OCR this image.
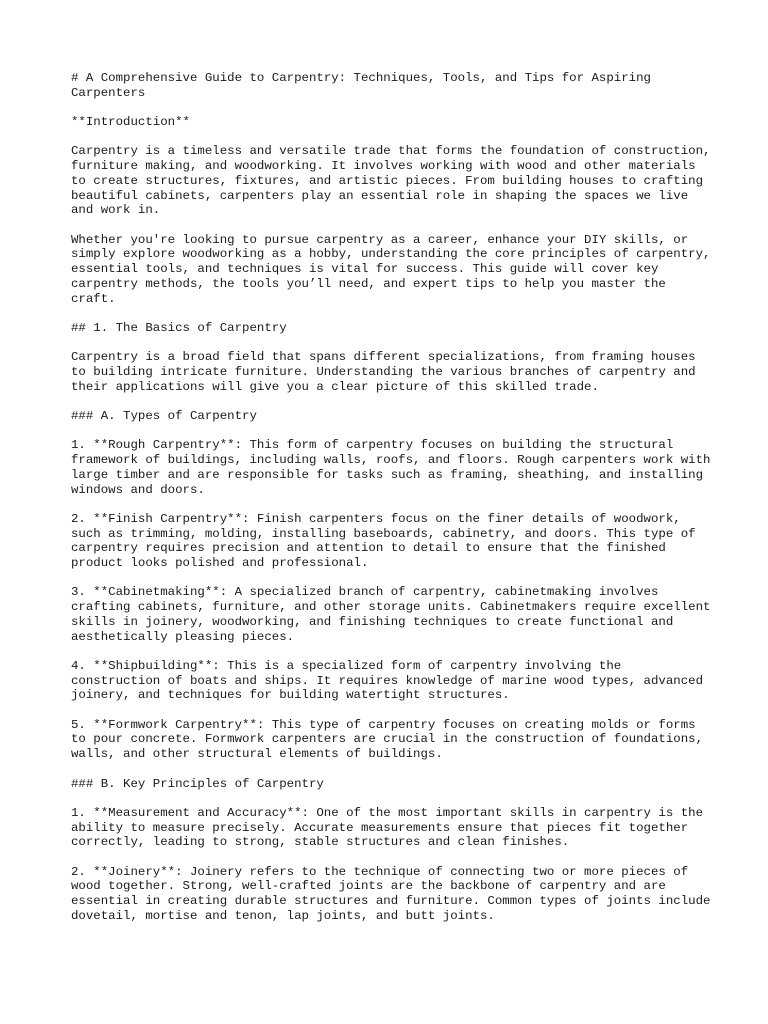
# A Comprehensive Guide to Carpentry: Techniques, Tools, and Tips for Aspiring Carpenters

**Introduction**

Carpentry is a timeless and versatile trade that forms the foundation of construction, furniture making, and woodworking. It involves working with wood and other materials to create structures, fixtures, and artistic pieces. From building houses to crafting beautiful cabinets, carpenters play an essential role in shaping the spaces we live and work in.

Whether you're looking to pursue carpentry as a career, enhance your DIY skills, or simply explore woodworking as a hobby, understanding the core principles of carpentry, essential tools, and techniques is vital for success. This guide will cover key carpentry methods, the tools you’ll need, and expert tips to help you master the craft.

## 1. The Basics of Carpentry

Carpentry is a broad field that spans different specializations, from framing houses to building intricate furniture. Understanding the various branches of carpentry and their applications will give you a clear picture of this skilled trade.

### A. Types of Carpentry

1. **Rough Carpentry**: This form of carpentry focuses on building the structural framework of buildings, including walls, roofs, and floors. Rough carpenters work with large timber and are responsible for tasks such as framing, sheathing, and installing windows and doors.

2. **Finish Carpentry**: Finish carpenters focus on the finer details of woodwork, such as trimming, molding, installing baseboards, cabinetry, and doors. This type of carpentry requires precision and attention to detail to ensure that the finished product looks polished and professional.

3. **Cabinetmaking**: A specialized branch of carpentry, cabinetmaking involves crafting cabinets, furniture, and other storage units. Cabinetmakers require excellent skills in joinery, woodworking, and finishing techniques to create functional and aesthetically pleasing pieces.

4. **Shipbuilding**: This is a specialized form of carpentry involving the construction of boats and ships. It requires knowledge of marine wood types, advanced joinery, and techniques for building watertight structures.

5. **Formwork Carpentry**: This type of carpentry focuses on creating molds or forms to pour concrete. Formwork carpenters are crucial in the construction of foundations, walls, and other structural elements of buildings.

### B. Key Principles of Carpentry

1. **Measurement and Accuracy**: One of the most important skills in carpentry is the ability to measure precisely. Accurate measurements ensure that pieces fit together correctly, leading to strong, stable structures and clean finishes.

2. **Joinery**: Joinery refers to the technique of connecting two or more pieces of wood together. Strong, well-crafted joints are the backbone of carpentry and are essential in creating durable structures and furniture. Common types of joints include dovetail, mortise and tenon, lap joints, and butt joints.
